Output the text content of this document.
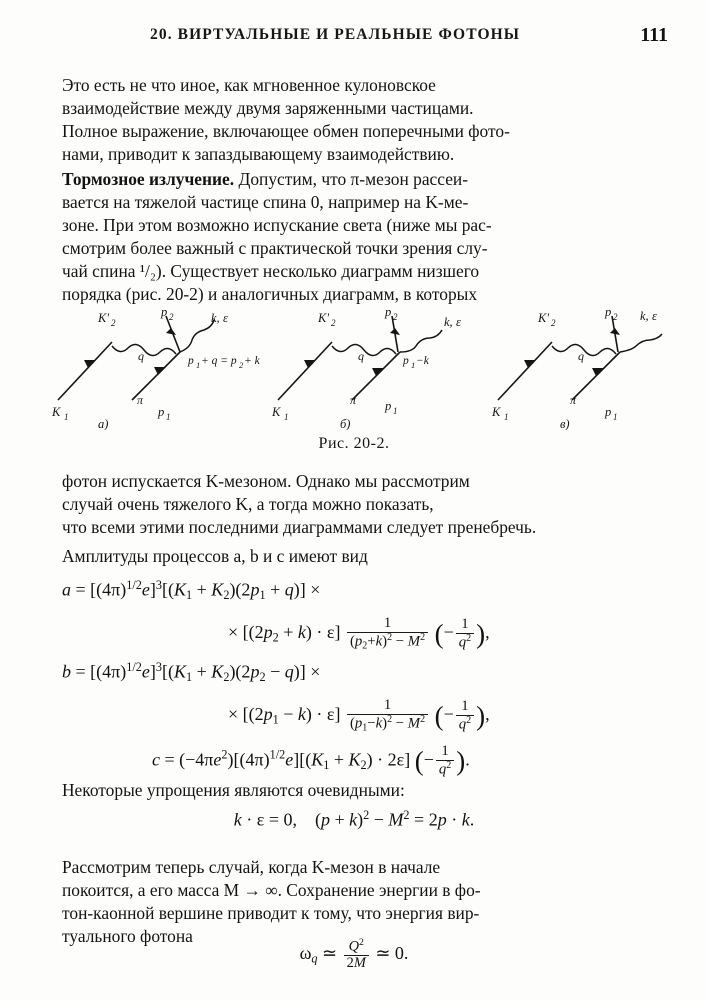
20. ВИРТУАЛЬНЫЕ И РЕАЛЬНЫЕ ФОТОНЫ	111

Это есть не что иное, как мгновенное кулоновское

взаимодействие между двумя заряженными частицами.

Полное выражение, включающее обмен поперечными фото-

нами, приводит к запаздывающему взаимодействию.

Тормозное излучение. Допустим, что π-мезон рассеи-

вается на тяжелой частице спина 0, например на K-ме-

зоне. При этом возможно испускание света (ниже мы рас-

смотрим более важный с практической точки зрения слу-

чай спина ¹/₂). Существует несколько диаграмм низшего

порядка (рис. 20-2) и аналогичных диаграмм, в которых

K' 2
p 2	k, ε
q
K 1	p 1
π
p 1 + q = p 2 + k
а)
K' 2
p 2	k, ε
q
K 1
p 1
π
p 1 −k
б)
K' 2
p 2 k, ε
q
K 1	p 1
π
в)
Рис. 20-2.

фотон испускается K-мезоном. Однако мы рассмотрим

случай очень тяжелого K, а тогда можно показать,

что всеми этими последними диаграммами следует пренебречь.

Амплитуды процессов a, b и c имеют вид

$a = [(4\pi)^{1/2}e]^3[(K_1 + K_2)(2p_1 + q)]$ ×
× $[(2p_2 + k) \cdot \varepsilon] \frac{1}{(p_2+k)^2 - M^2}$ (− $\frac{1}{q^2}$ ),
$b = [(4\pi)^{1/2}e]^3[(K_1 + K_2)(2p_2 - q)]$ ×
× $[(2p_1 - k) \cdot \varepsilon] \frac{1}{(p_1-k)^2 - M^2}$ (− $\frac{1}{q^2}$ ),
$c = (-4\pi e^2)[(4\pi)^{1/2}e][(K_1 + K_2) \cdot 2\varepsilon]$ (− $\frac{1}{q^2}$ ).

Некоторые упрощения являются очевидными:

k · ε = 0,    $(p + k)^2 - M^2 = 2p \cdot k$.

Рассмотрим теперь случай, когда K-мезон в начале

покоится, а его масса M → ∞. Сохранение энергии в фо-

тон-каонной вершине приводит к тому, что энергия вир-

туального фотона

$\omega_q$ ≃ $\frac{Q^2}{2M}$ ≃ 0.
